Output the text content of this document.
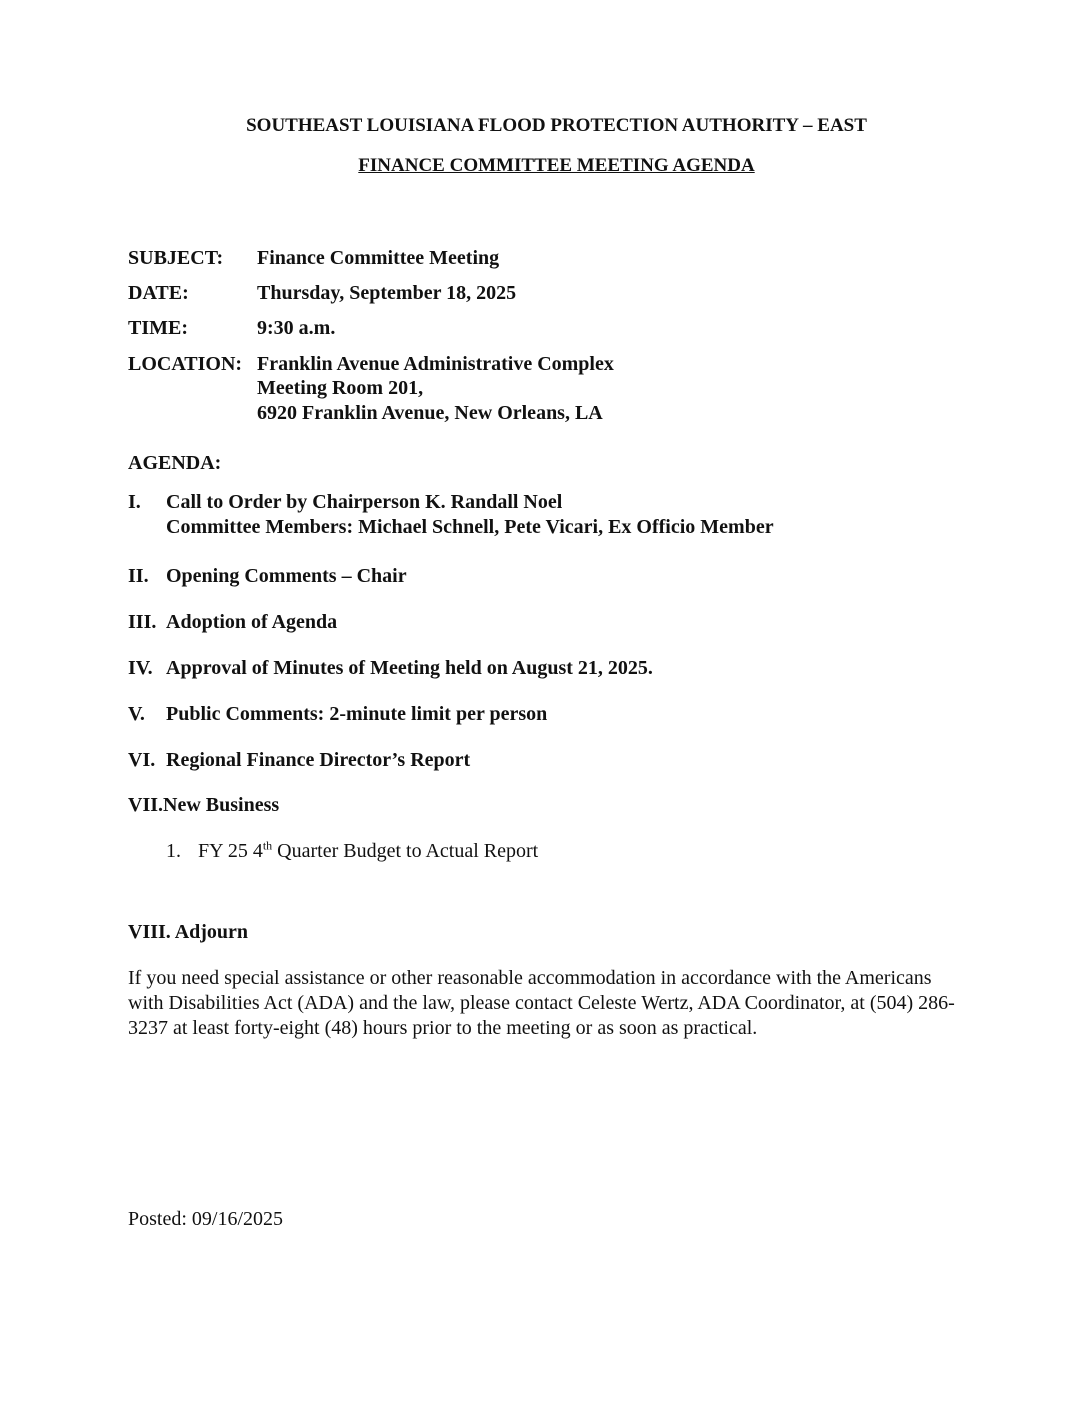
SOUTHEAST LOUISIANA FLOOD PROTECTION AUTHORITY – EAST
FINANCE COMMITTEE MEETING AGENDA
SUBJECT: Finance Committee Meeting
DATE:	Thursday, September 18, 2025
TIME:	9:30 a.m.
LOCATION: Franklin Avenue Administrative Complex
Meeting Room 201,
6920 Franklin Avenue, New Orleans, LA
AGENDA:
I. Call to Order by Chairperson K. Randall Noel
Committee Members: Michael Schnell, Pete Vicari, Ex Officio Member
II. Opening Comments – Chair
III. Adoption of Agenda
IV. Approval of Minutes of Meeting held on August 21, 2025.
V. Public Comments: 2-minute limit per person
VI. Regional Finance Director’s Report
VII.New Business
1. FY 25 4th Quarter Budget to Actual Report
VIII. Adjourn
If you need special assistance or other reasonable accommodation in accordance with the Americans with Disabilities Act (ADA) and the law, please contact Celeste Wertz, ADA Coordinator, at (504) 286-3237 at least forty-eight (48) hours prior to the meeting or as soon as practical.
Posted: 09/16/2025
